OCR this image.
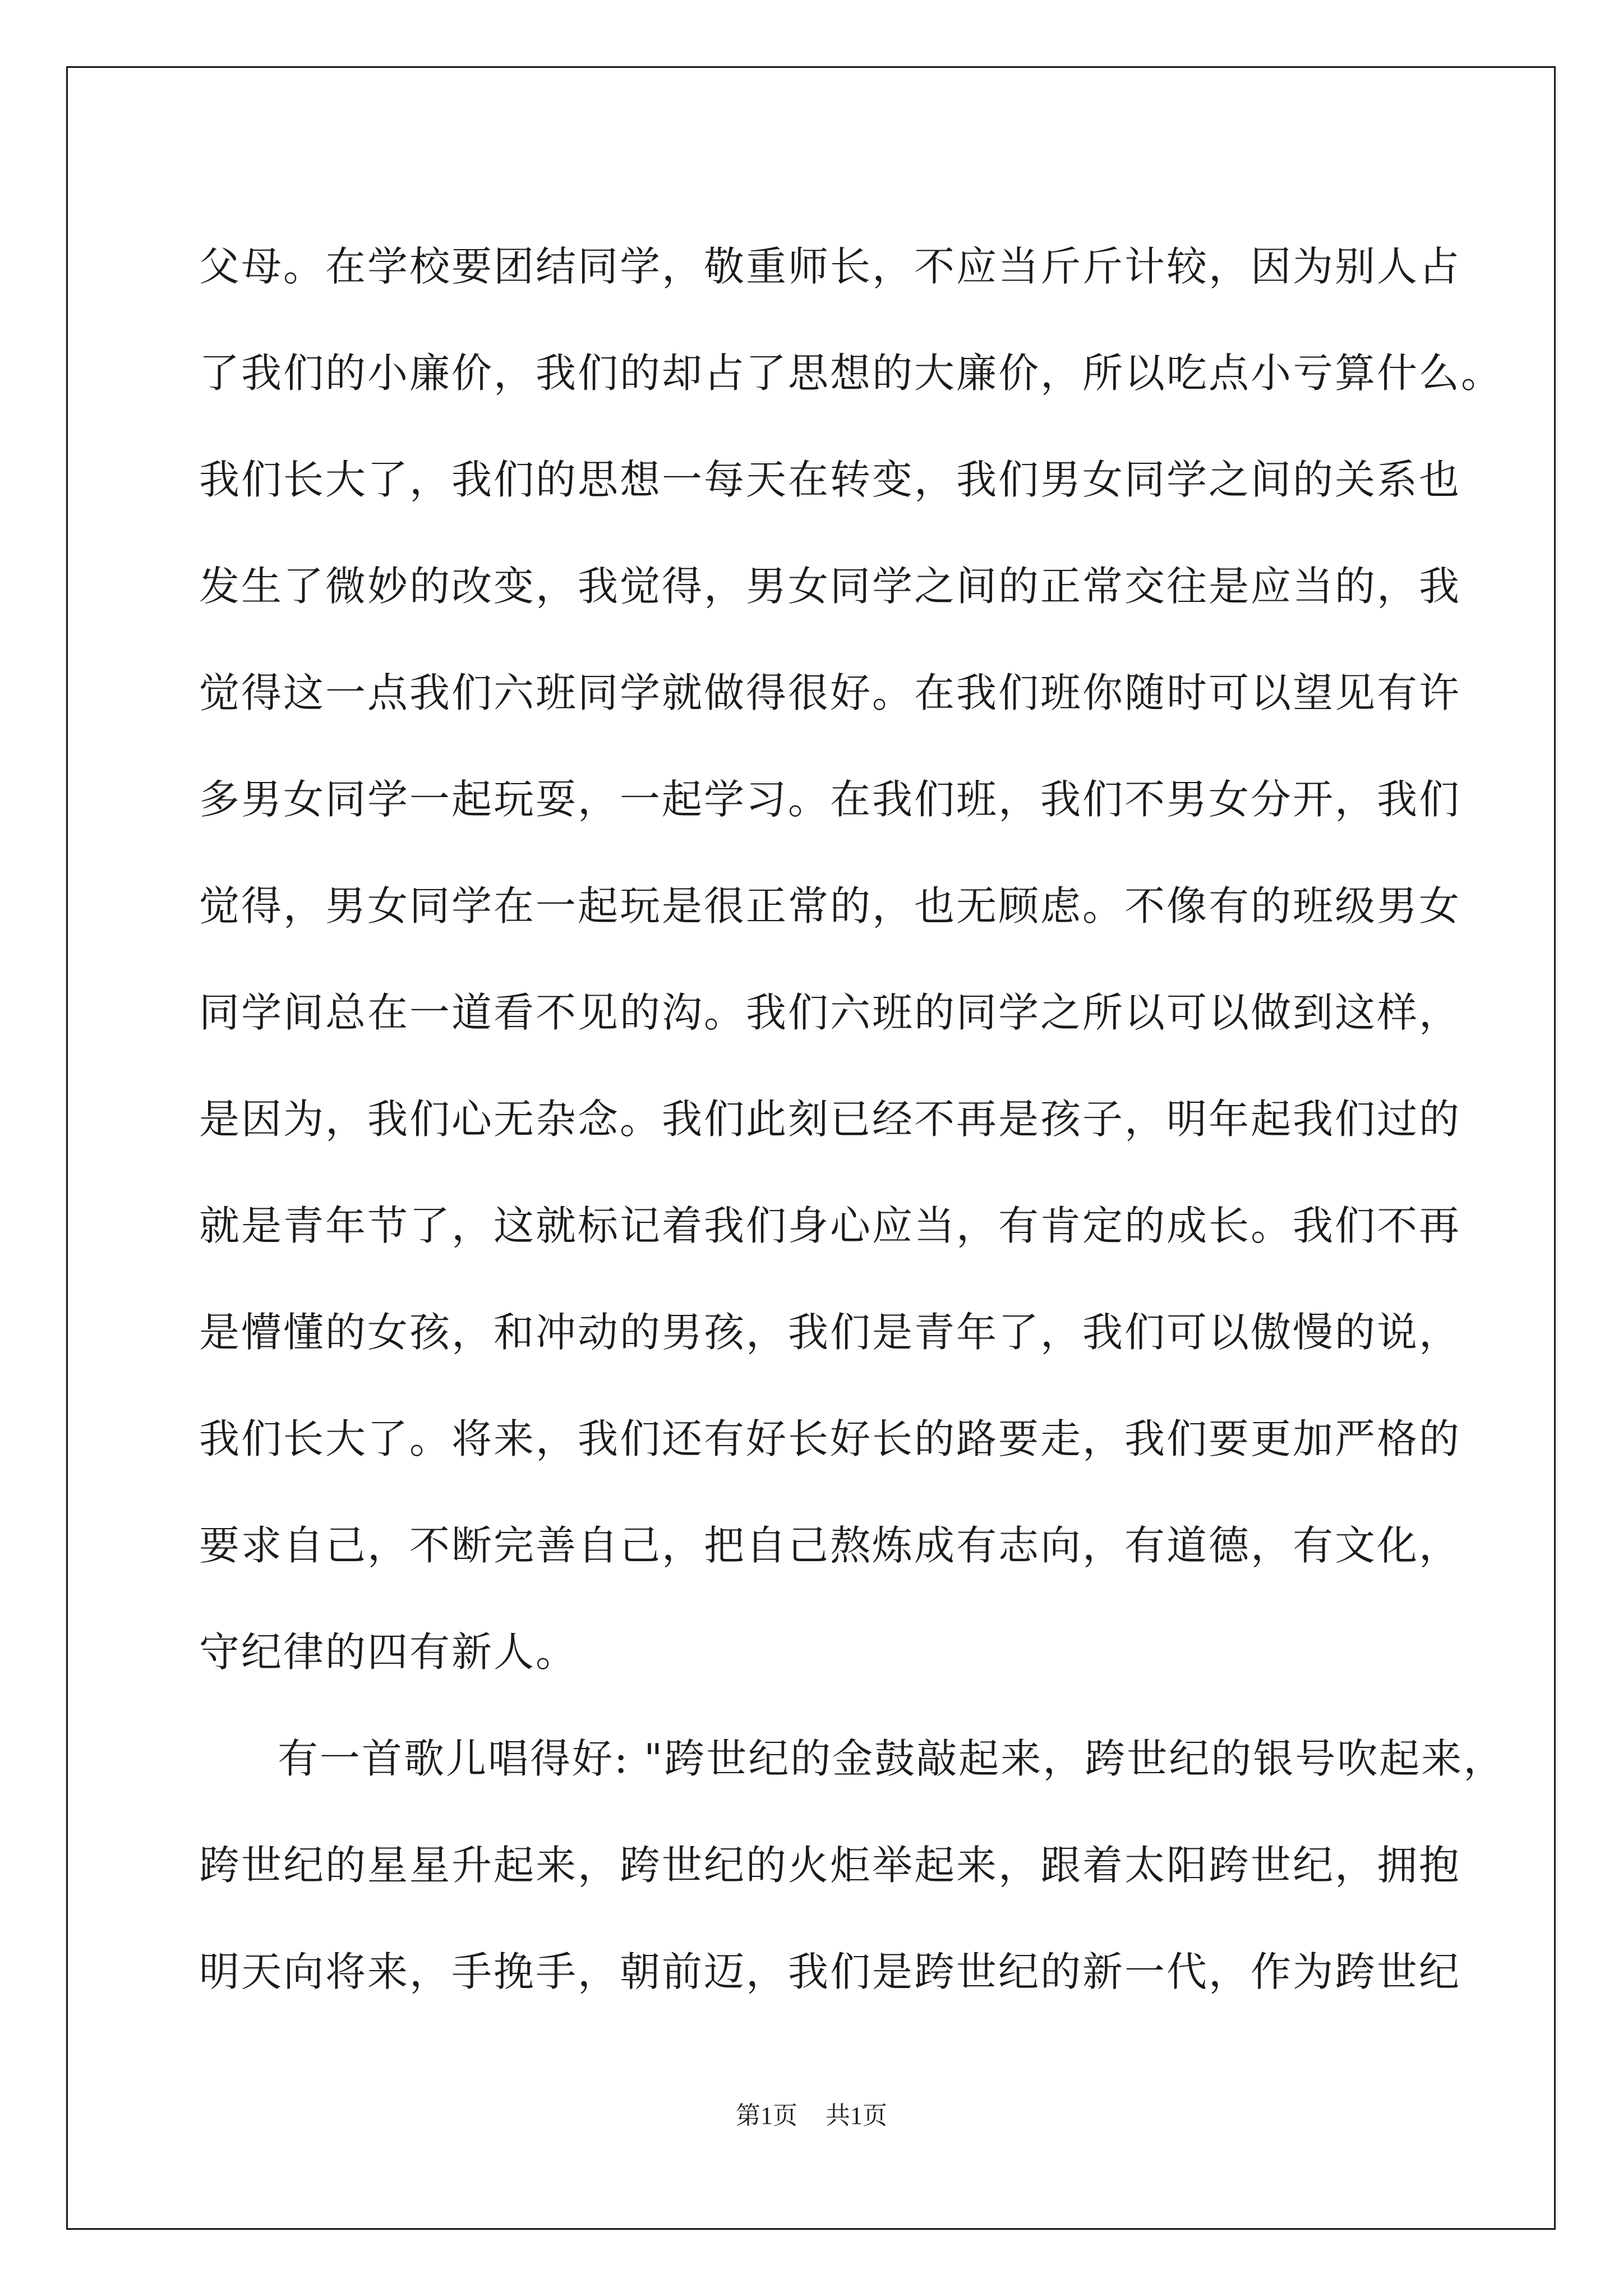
父母。在学校要团结同学，敬重师长，不应当斤斤计较，因为别人占
了我们的小廉价，我们的却占了思想的大廉价，所以吃点小亏算什么。
我们长大了，我们的思想一每天在转变，我们男女同学之间的关系也
发生了微妙的改变，我觉得，男女同学之间的正常交往是应当的，我
觉得这一点我们六班同学就做得很好。在我们班你随时可以望见有许
多男女同学一起玩耍，一起学习。在我们班，我们不男女分开，我们
觉得，男女同学在一起玩是很正常的，也无顾虑。不像有的班级男女
同学间总在一道看不见的沟。我们六班的同学之所以可以做到这样，
是因为，我们心无杂念。我们此刻已经不再是孩子，明年起我们过的
就是青年节了，这就标记着我们身心应当，有肯定的成长。我们不再
是懵懂的女孩，和冲动的男孩，我们是青年了，我们可以傲慢的说，
我们长大了。将来，我们还有好长好长的路要走，我们要更加严格的
要求自己，不断完善自己，把自己熬炼成有志向，有道德，有文化，
守纪律的四有新人。
有一首歌儿唱得好: "跨世纪的金鼓敲起来，跨世纪的银号吹起来，
跨世纪的星星升起来，跨世纪的火炬举起来，跟着太阳跨世纪，拥抱
明天向将来，手挽手，朝前迈，我们是跨世纪的新一代，作为跨世纪
第1页 共1页
